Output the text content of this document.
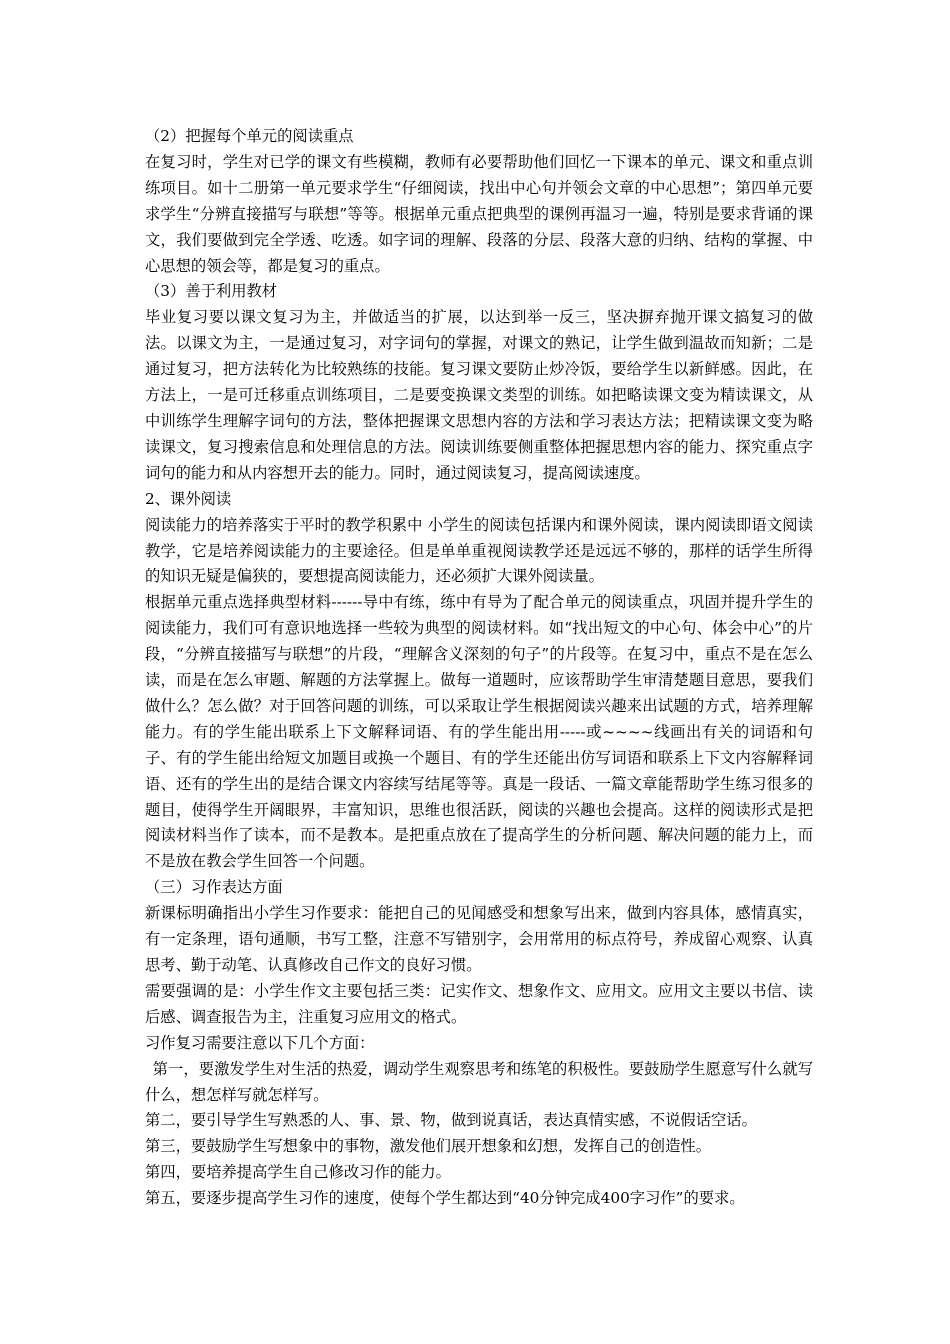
（2）把握每个单元的阅读重点

在复习时，学生对已学的课文有些模糊，教师有必要帮助他们回忆一下课本的单元、课文和重点训练项目。如十二册第一单元要求学生“仔细阅读，找出中心句并领会文章的中心思想”；第四单元要求学生“分辨直接描写与联想”等等。根据单元重点把典型的课例再温习一遍，特别是要求背诵的课文，我们要做到完全学透、吃透。如字词的理解、段落的分层、段落大意的归纳、结构的掌握、中心思想的领会等，都是复习的重点。

（3）善于利用教材

毕业复习要以课文复习为主，并做适当的扩展，以达到举一反三，坚决摒弃抛开课文搞复习的做法。以课文为主，一是通过复习，对字词句的掌握，对课文的熟记，让学生做到温故而知新；二是通过复习，把方法转化为比较熟练的技能。复习课文要防止炒冷饭，要给学生以新鲜感。因此，在方法上，一是可迁移重点训练项目，二是要变换课文类型的训练。如把略读课文变为精读课文，从中训练学生理解字词句的方法，整体把握课文思想内容的方法和学习表达方法；把精读课文变为略读课文，复习搜索信息和处理信息的方法。阅读训练要侧重整体把握思想内容的能力、探究重点字词句的能力和从内容想开去的能力。同时，通过阅读复习，提高阅读速度。

2、课外阅读

阅读能力的培养落实于平时的教学积累中 小学生的阅读包括课内和课外阅读，课内阅读即语文阅读教学，它是培养阅读能力的主要途径。但是单单重视阅读教学还是远远不够的，那样的话学生所得的知识无疑是偏狭的，要想提高阅读能力，还必须扩大课外阅读量。

根据单元重点选择典型材料------导中有练，练中有导为了配合单元的阅读重点，巩固并提升学生的阅读能力，我们可有意识地选择一些较为典型的阅读材料。如“找出短文的中心句、体会中心”的片段，“分辨直接描写与联想”的片段，“理解含义深刻的句子”的片段等。在复习中，重点不是在怎么读，而是在怎么审题、解题的方法掌握上。做每一道题时，应该帮助学生审清楚题目意思，要我们做什么？怎么做？对于回答问题的训练，可以采取让学生根据阅读兴趣来出试题的方式，培养理解能力。有的学生能出联系上下文解释词语、有的学生能出用-----或~~~~线画出有关的词语和句子、有的学生能出给短文加题目或换一个题目、有的学生还能出仿写词语和联系上下文内容解释词语、还有的学生出的是结合课文内容续写结尾等等。真是一段话、一篇文章能帮助学生练习很多的题目，使得学生开阔眼界，丰富知识，思维也很活跃，阅读的兴趣也会提高。这样的阅读形式是把阅读材料当作了读本，而不是教本。是把重点放在了提高学生的分析问题、解决问题的能力上，而不是放在教会学生回答一个问题。

（三）习作表达方面

新课标明确指出小学生习作要求：能把自己的见闻感受和想象写出来，做到内容具体，感情真实，有一定条理，语句通顺，书写工整，注意不写错别字，会用常用的标点符号，养成留心观察、认真思考、勤于动笔、认真修改自己作文的良好习惯。

需要强调的是：小学生作文主要包括三类：记实作文、想象作文、应用文。应用文主要以书信、读后感、调查报告为主，注重复习应用文的格式。

习作复习需要注意以下几个方面：

第一，要激发学生对生活的热爱，调动学生观察思考和练笔的积极性。要鼓励学生愿意写什么就写什么，想怎样写就怎样写。

第二，要引导学生写熟悉的人、事、景、物，做到说真话，表达真情实感，不说假话空话。

第三，要鼓励学生写想象中的事物，激发他们展开想象和幻想，发挥自己的创造性。

第四，要培养提高学生自己修改习作的能力。

第五，要逐步提高学生习作的速度，使每个学生都达到“40分钟完成400字习作”的要求。
